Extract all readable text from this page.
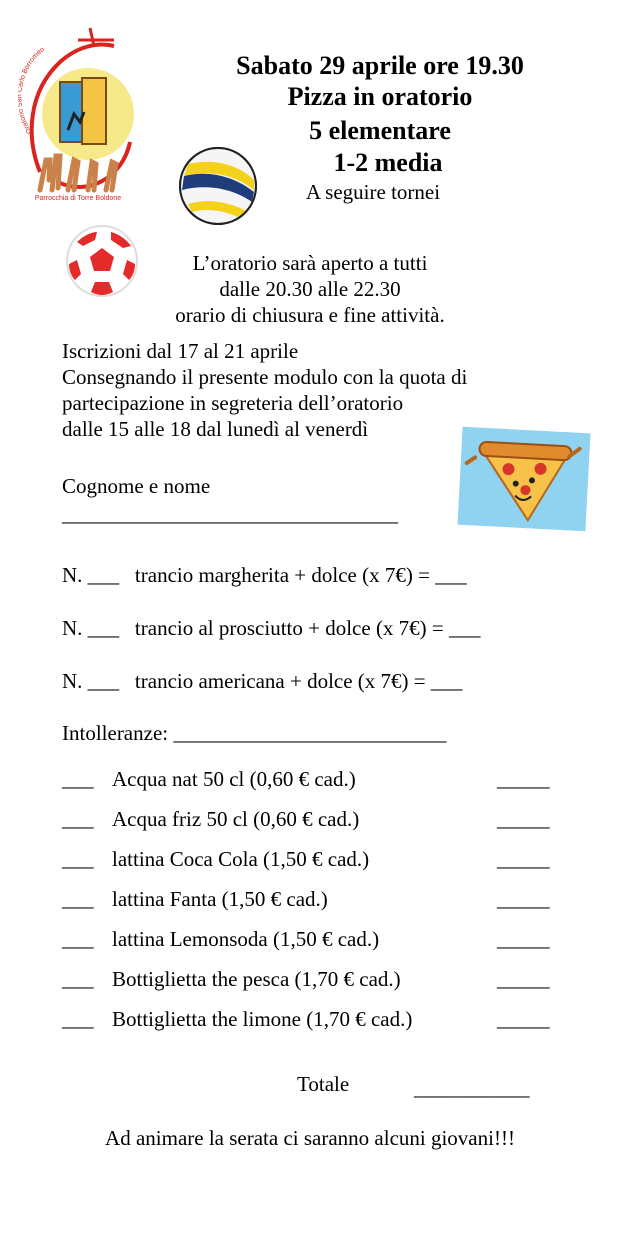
Oratorio arlo Borromeo
Parrocchia di Torre Boldone
Sabato 29 aprile ore 19.30
Pizza in oratorio
5 elementare
1-2 media
A seguire tornei
L’oratorio sarà aperto a tutti
dalle 20.30 alle 22.30
orario di chiusura e fine attività.
Iscrizioni dal 17 al 21 aprile
Consegnando il presente modulo con la quota di
partecipazione in segreteria dell’oratorio
dalle 15 alle 18 dal lunedì al venerdì
Cognome e nome
________________________________
N. ___ trancio margherita + dolce (x 7€) = ___
N. ___ trancio al prosciutto + dolce (x 7€) = ___
N. ___ trancio americana + dolce (x 7€) = ___
Intolleranze: __________________________
___ Acqua nat 50 cl (0,60 € cad.)	_____
___ Acqua friz 50 cl (0,60 € cad.)	_____
___ lattina Coca Cola (1,50 € cad.)	_____
___ lattina Fanta (1,50 € cad.)	_____
___ lattina Lemonsoda (1,50 € cad.)	_____
___ Bottiglietta the pesca (1,70 € cad.)	_____
___ Bottiglietta the limone (1,70 € cad.)	_____
Totale	___________
Ad animare la serata ci saranno alcuni giovani!!!
